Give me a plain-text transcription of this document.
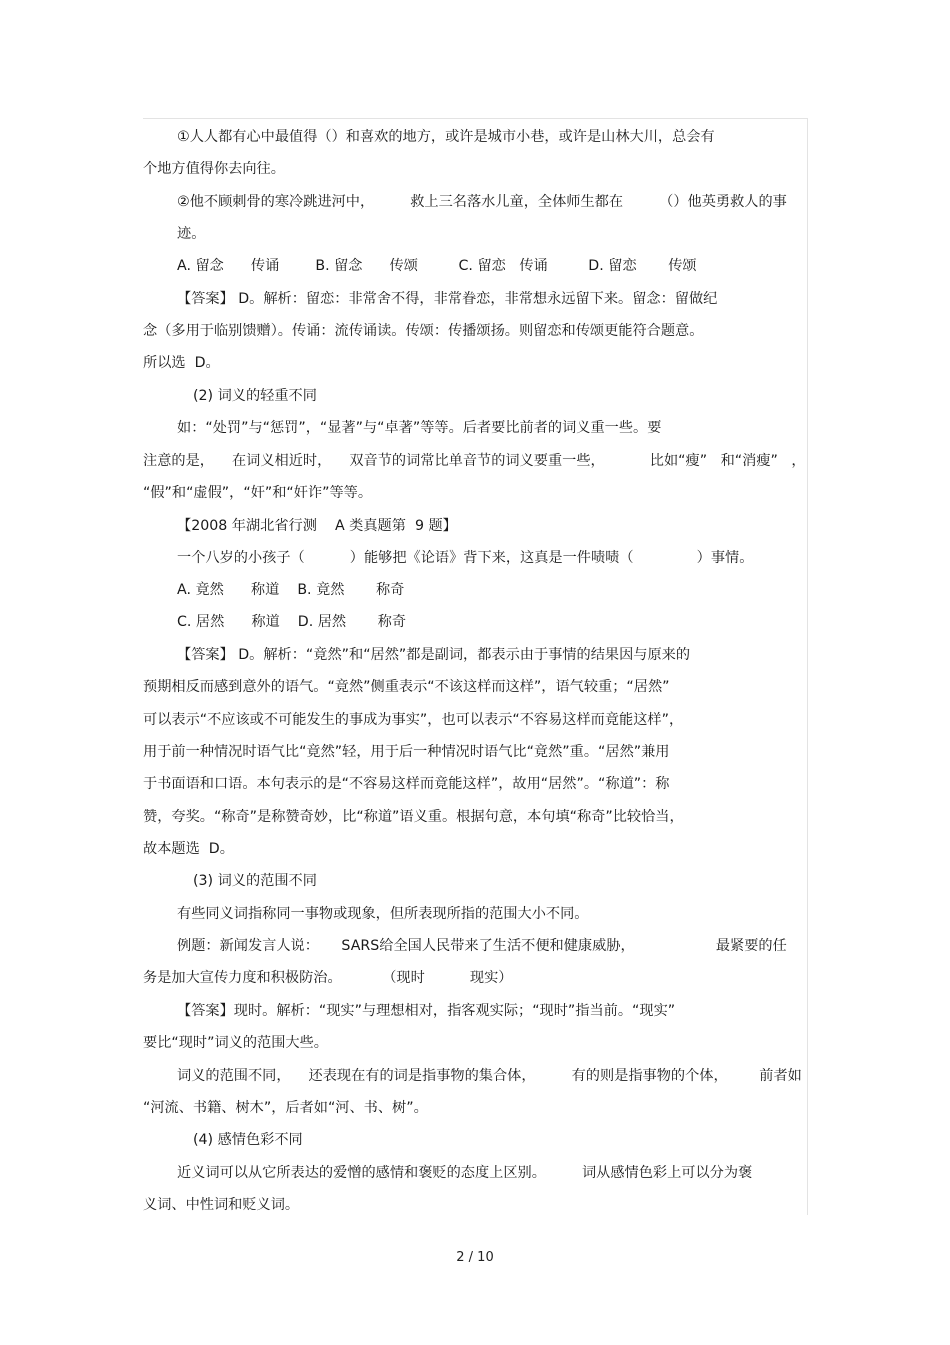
①人人都有心中最值得（）和喜欢的地方，或许是城市小巷，或许是山林大川，总会有
个地方值得你去向往。
②他不顾刺骨的寒冷跳进河中，        救上三名落水儿童，全体师生都在        （）他英勇救人的事
迹。
A. 留念      传诵        B. 留念      传颂         C. 留恋   传诵         D. 留恋       传颂
【答案】 D。解析：留恋：非常舍不得，非常眷恋，非常想永远留下来。留念：留做纪
念（多用于临别馈赠）。传诵：流传诵读。传颂：传播颂扬。则留恋和传颂更能符合题意。
所以选  D。
(2) 词义的轻重不同
如：“处罚”与“惩罚”，“显著”与“卓著”等等。后者要比前者的词义重一些。要
注意的是，    在词义相近时，    双音节的词常比单音节的词义要重一些，          比如“瘦”   和“消瘦”   ，
“假”和“虚假”，“奸”和“奸诈”等等。
【2008 年湖北省行测    A 类真题第  9 题】
一个八岁的小孩子（          ）能够把《论语》背下来，这真是一件啧啧（              ）事情。
A. 竟然      称道    B. 竟然       称奇
C. 居然      称道    D. 居然       称奇
【答案】 D。解析：“竟然”和“居然”都是副词，都表示由于事情的结果因与原来的
预期相反而感到意外的语气。“竟然”侧重表示“不该这样而这样”，语气较重；“居然”
可以表示“不应该或不可能发生的事成为事实”，也可以表示“不容易这样而竟能这样”，
用于前一种情况时语气比“竟然”轻，用于后一种情况时语气比“竟然”重。“居然”兼用
于书面语和口语。本句表示的是“不容易这样而竟能这样”，故用“居然”。“称道”：称
赞，夸奖。“称奇”是称赞奇妙，比“称道”语义重。根据句意，本句填“称奇”比较恰当，
故本题选  D。
(3) 词义的范围不同
有些同义词指称同一事物或现象，但所表现所指的范围大小不同。
例题：新闻发言人说：     SARS给全国人民带来了生活不便和健康威胁，                  最紧要的任
务是加大宣传力度和积极防治。         （现时          现实）
【答案】现时。解析：“现实”与理想相对，指客观实际；“现时”指当前。“现实”
要比“现时”词义的范围大些。
词义的范围不同，    还表现在有的词是指事物的集合体，        有的则是指事物的个体，       前者如
“河流、书籍、树木”，后者如“河、书、树”。
(4) 感情色彩不同
近义词可以从它所表达的爱憎的感情和褒贬的态度上区别。        词从感情色彩上可以分为褒
义词、中性词和贬义词。
2 / 10
